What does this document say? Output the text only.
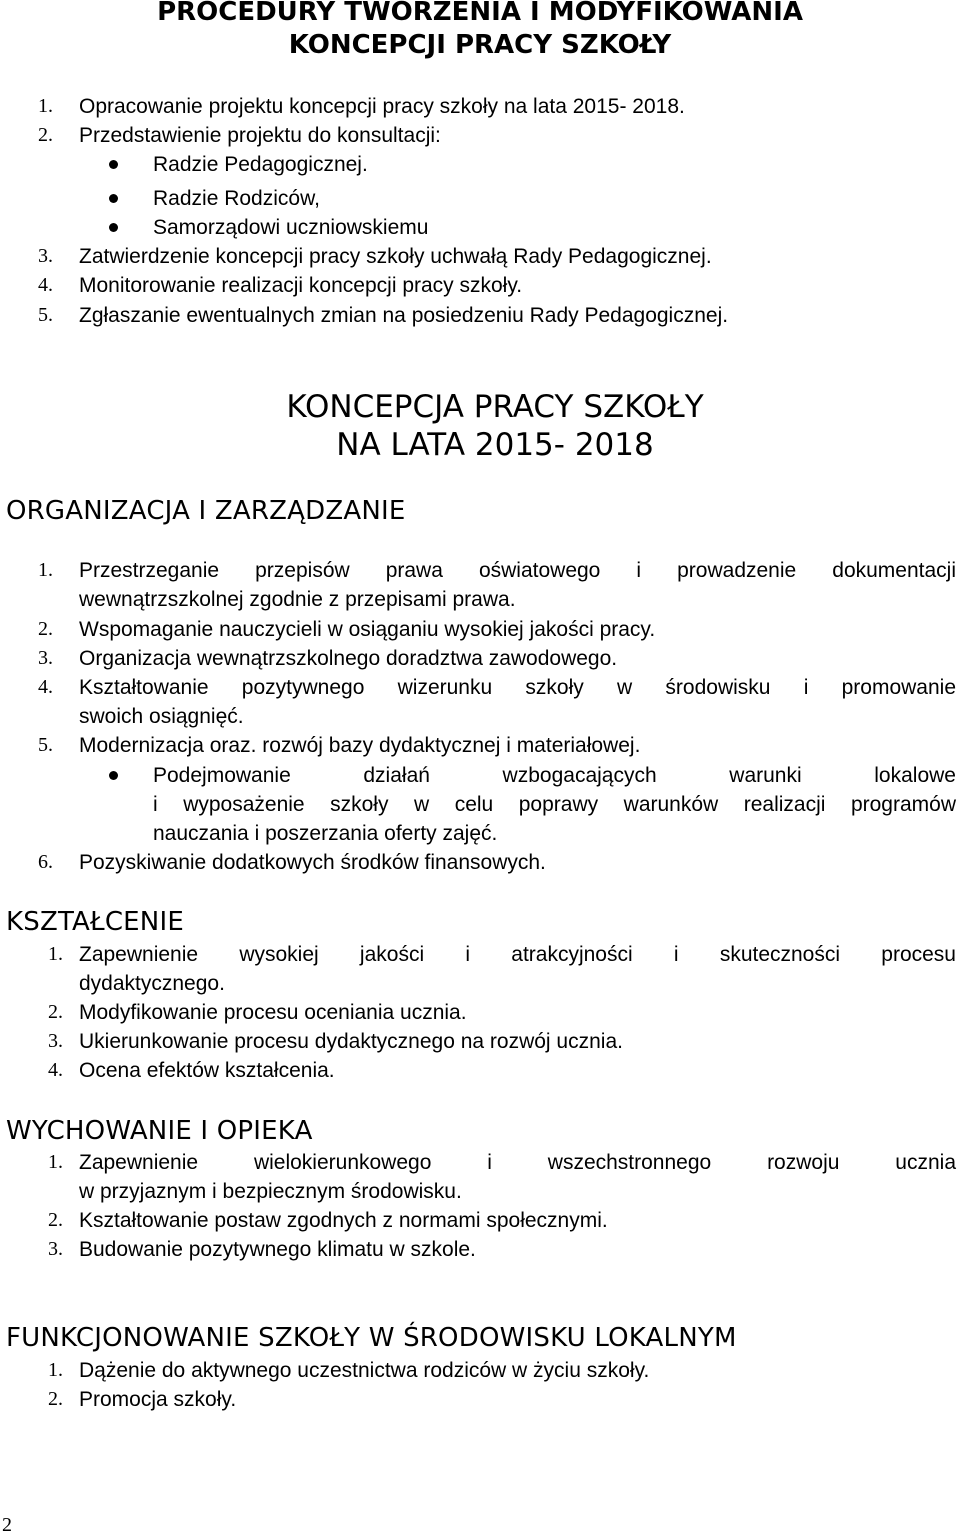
PROCEDURY TWORZENIA I MODYFIKOWANIA
KONCEPCJI PRACY SZKOŁY
1.	Opracowanie projektu koncepcji pracy szkoły na lata 2015- 2018.
2.	Przedstawienie projektu do konsultacji:
Radzie Pedagogicznej.
Radzie Rodziców,
Samorządowi uczniowskiemu
3.	Zatwierdzenie koncepcji pracy szkoły uchwałą Rady Pedagogicznej.
4.	Monitorowanie realizacji koncepcji pracy szkoły.
5.	Zgłaszanie ewentualnych zmian na posiedzeniu Rady Pedagogicznej.
KONCEPCJA PRACY SZKOŁY
NA LATA 2015- 2018
ORGANIZACJA I ZARZĄDZANIE
1.	Przestrzeganie przepisów prawa oświatowego i prowadzenie dokumentacji
wewnątrzszkolnej zgodnie z przepisami prawa.
2.	Wspomaganie nauczycieli w osiąganiu wysokiej jakości pracy.
3.	Organizacja wewnątrzszkolnego doradztwa zawodowego.
4.	Kształtowanie pozytywnego wizerunku szkoły w środowisku i promowanie
swoich osiągnięć.
5.	Modernizacja oraz. rozwój bazy dydaktycznej i materiałowej.
Podejmowanie działań wzbogacających warunki lokalowe
i wyposażenie szkoły w celu poprawy warunków realizacji programów
nauczania i poszerzania oferty zajęć.
6.	Pozyskiwanie dodatkowych środków finansowych.
KSZTAŁCENIE
1. Zapewnienie wysokiej jakości i atrakcyjności i skuteczności procesu
dydaktycznego.
2. Modyfikowanie procesu oceniania ucznia.
3. Ukierunkowanie procesu dydaktycznego na rozwój ucznia.
4. Ocena efektów kształcenia.
WYCHOWANIE I OPIEKA
1. Zapewnienie wielokierunkowego i wszechstronnego rozwoju ucznia
w przyjaznym i bezpiecznym środowisku.
2. Kształtowanie postaw zgodnych z normami społecznymi.
3. Budowanie pozytywnego klimatu w szkole.
FUNKCJONOWANIE SZKOŁY W ŚRODOWISKU LOKALNYM
1. Dążenie do aktywnego uczestnictwa rodziców w życiu szkoły.
2. Promocja szkoły.
2
